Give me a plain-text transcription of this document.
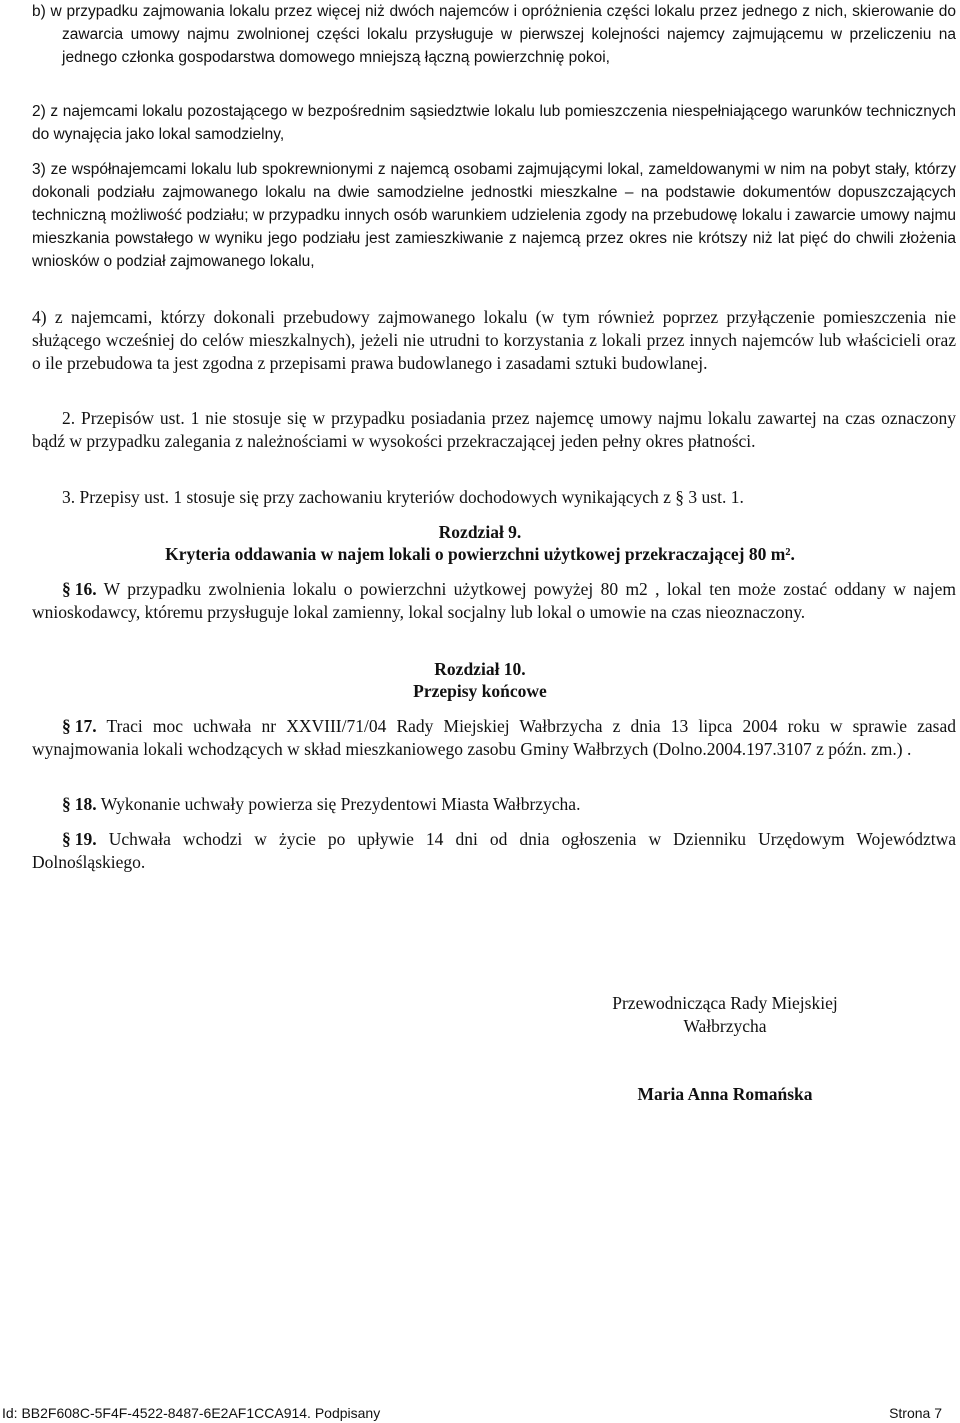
b) w przypadku zajmowania lokalu przez więcej niż dwóch najemców i opróżnienia części lokalu przez jednego z nich, skierowanie do zawarcia umowy najmu zwolnionej części lokalu przysługuje w pierwszej kolejności najemcy zajmującemu w przeliczeniu na jednego członka gospodarstwa domowego mniejszą łączną powierzchnię pokoi,

2) z najemcami lokalu pozostającego w bezpośrednim sąsiedztwie lokalu lub pomieszczenia niespełniającego warunków technicznych do wynajęcia jako lokal samodzielny,

3) ze współnajemcami lokalu lub spokrewnionymi z najemcą osobami zajmującymi lokal, zameldowanymi w nim na pobyt stały, którzy dokonali podziału zajmowanego lokalu na dwie samodzielne jednostki mieszkalne – na podstawie dokumentów dopuszczających techniczną możliwość podziału; w przypadku innych osób warunkiem udzielenia zgody na przebudowę lokalu i zawarcie umowy najmu mieszkania powstałego w wyniku jego podziału jest zamieszkiwanie z najemcą przez okres nie krótszy niż lat pięć do chwili złożenia wniosków o podział zajmowanego lokalu,

4) z najemcami, którzy dokonali przebudowy zajmowanego lokalu (w tym również poprzez przyłączenie pomieszczenia nie służącego wcześniej do celów mieszkalnych), jeżeli nie utrudni to korzystania z lokali przez innych najemców lub właścicieli oraz o ile przebudowa ta jest zgodna z przepisami prawa budowlanego i zasadami sztuki budowlanej.

2. Przepisów ust. 1 nie stosuje się w przypadku posiadania przez najemcę umowy najmu lokalu zawartej na czas oznaczony bądź w przypadku zalegania z należnościami w wysokości przekraczającej jeden pełny okres płatności.

3. Przepisy ust. 1 stosuje się przy zachowaniu kryteriów dochodowych wynikających z § 3 ust. 1.

Rozdział 9.

Kryteria oddawania w najem lokali o powierzchni użytkowej przekraczającej 80 m².

§ 16. W przypadku zwolnienia lokalu o powierzchni użytkowej powyżej 80 m2 , lokal ten może zostać oddany w najem wnioskodawcy, któremu przysługuje lokal zamienny, lokal socjalny lub lokal o umowie na czas nieoznaczony.

Rozdział 10.

Przepisy końcowe

§ 17. Traci moc uchwała nr XXVIII/71/04 Rady Miejskiej Wałbrzycha z dnia 13 lipca 2004 roku w sprawie zasad wynajmowania lokali wchodzących w skład mieszkaniowego zasobu Gminy Wałbrzych (Dolno.2004.197.3107 z późn. zm.) .

§ 18. Wykonanie uchwały powierza się Prezydentowi Miasta Wałbrzycha.

§ 19. Uchwała wchodzi w życie po upływie 14 dni od dnia ogłoszenia w Dzienniku Urzędowym Województwa Dolnośląskiego.

Przewodnicząca Rady Miejskiej

Wałbrzycha

Maria Anna Romańska

Id: BB2F608C-5F4F-4522-8487-6E2AF1CCA914. Podpisany	Strona 7
